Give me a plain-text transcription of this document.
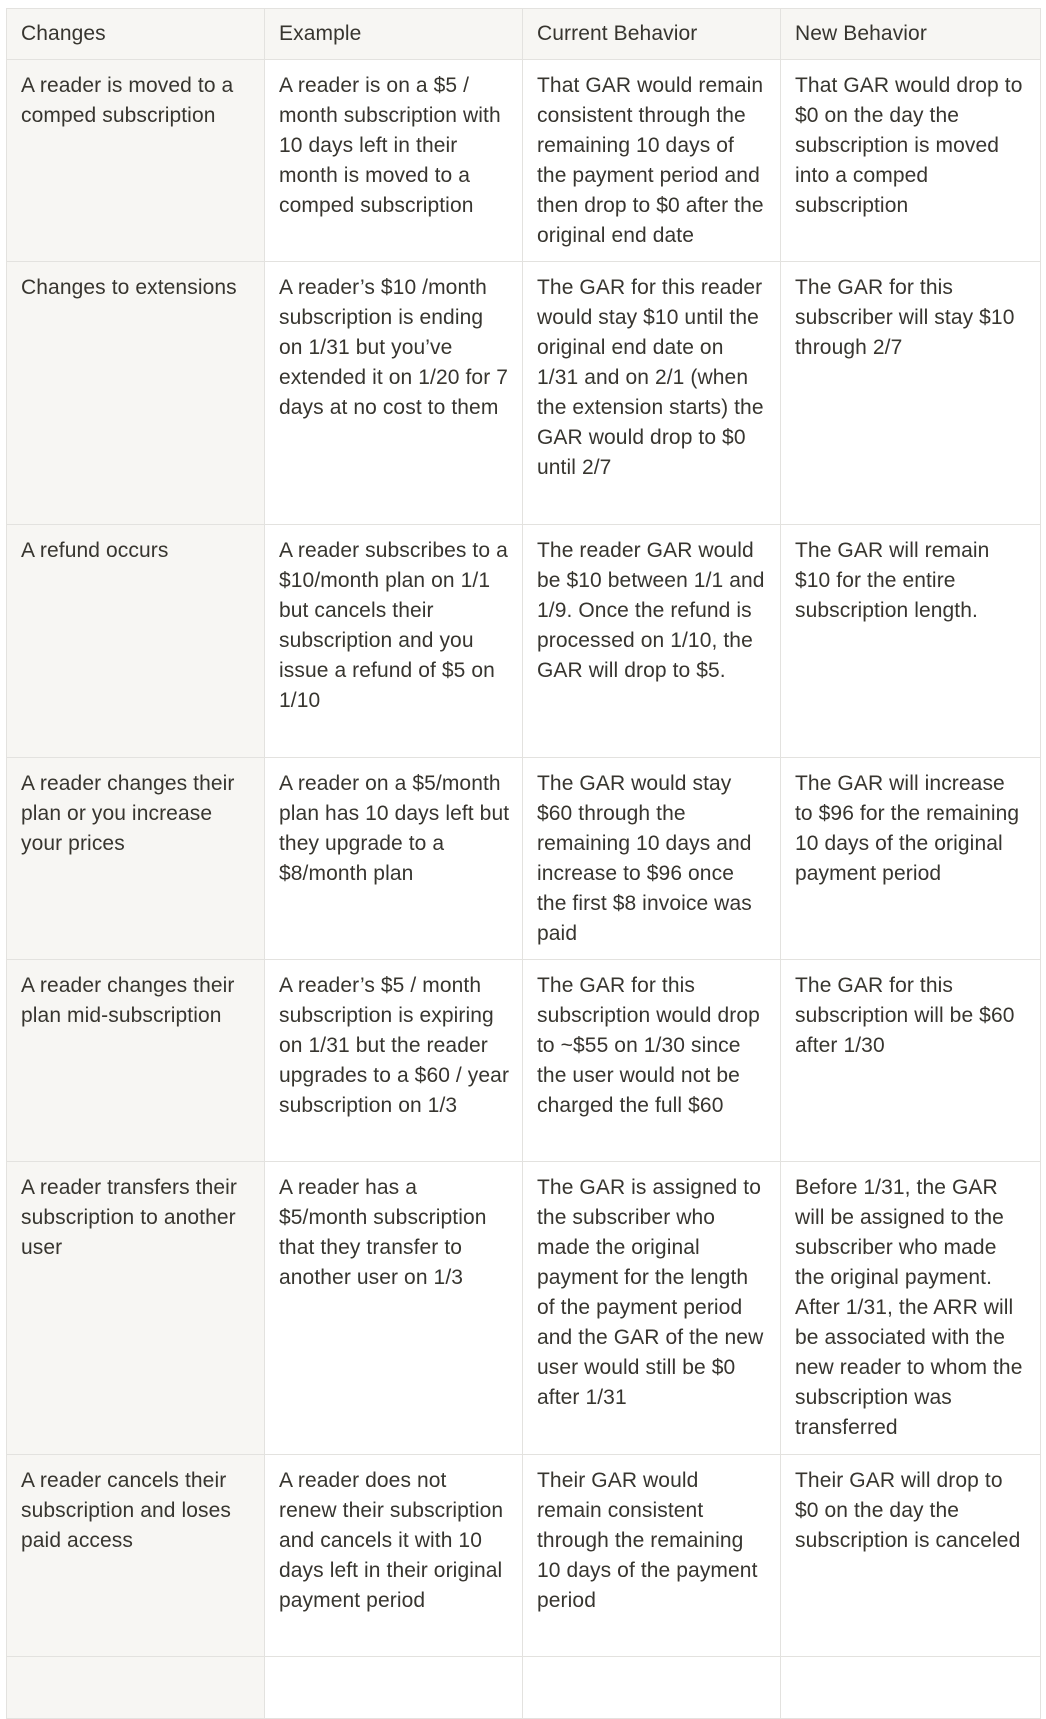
Changes	Example	Current Behavior	New Behavior
A reader is moved to a comped subscription	A reader is on a $5 / month subscription with 10 days left in their month is moved to a comped subscription	That GAR would remain consistent through the remaining 10 days of the payment period and then drop to $0 after the original end date	That GAR would drop to $0 on the day the subscription is moved into a comped subscription
Changes to extensions	A reader’s $10 /month subscription is ending on 1/31 but you’ve extended it on 1/20 for 7 days at no cost to them	The GAR for this reader would stay $10 until the original end date on 1/31 and on 2/1 (when the extension starts) the GAR would drop to $0 until 2/7	The GAR for this subscriber will stay $10 through 2/7
A refund occurs	A reader subscribes to a $10/month plan on 1/1 but cancels their subscription and you issue a refund of $5 on 1/10	The reader GAR would be $10 between 1/1 and 1/9. Once the refund is processed on 1/10, the GAR will drop to $5.	The GAR will remain $10 for the entire subscription length.
A reader changes their plan or you increase your prices	A reader on a $5/month plan has 10 days left but they upgrade to a $8/month plan	The GAR would stay $60 through the remaining 10 days and increase to $96 once the first $8 invoice was paid	The GAR will increase to $96 for the remaining 10 days of the original payment period
A reader changes their plan mid-subscription	A reader’s $5 / month subscription is expiring on 1/31 but the reader upgrades to a $60 / year subscription on 1/3	The GAR for this subscription would drop to ~$55 on 1/30 since the user would not be charged the full $60	The GAR for this subscription will be $60 after 1/30
A reader transfers their subscription to another user	A reader has a $5/month subscription that they transfer to another user on 1/3	The GAR is assigned to the subscriber who made the original payment for the length of the payment period and the GAR of the new user would still be $0 after 1/31	Before 1/31, the GAR will be assigned to the subscriber who made the original payment. After 1/31, the ARR will be associated with the new reader to whom the subscription was transferred
A reader cancels their subscription and loses paid access	A reader does not renew their subscription and cancels it with 10 days left in their original payment period	Their GAR would remain consistent through the remaining 10 days of the payment period	Their GAR will drop to $0 on the day the subscription is canceled
